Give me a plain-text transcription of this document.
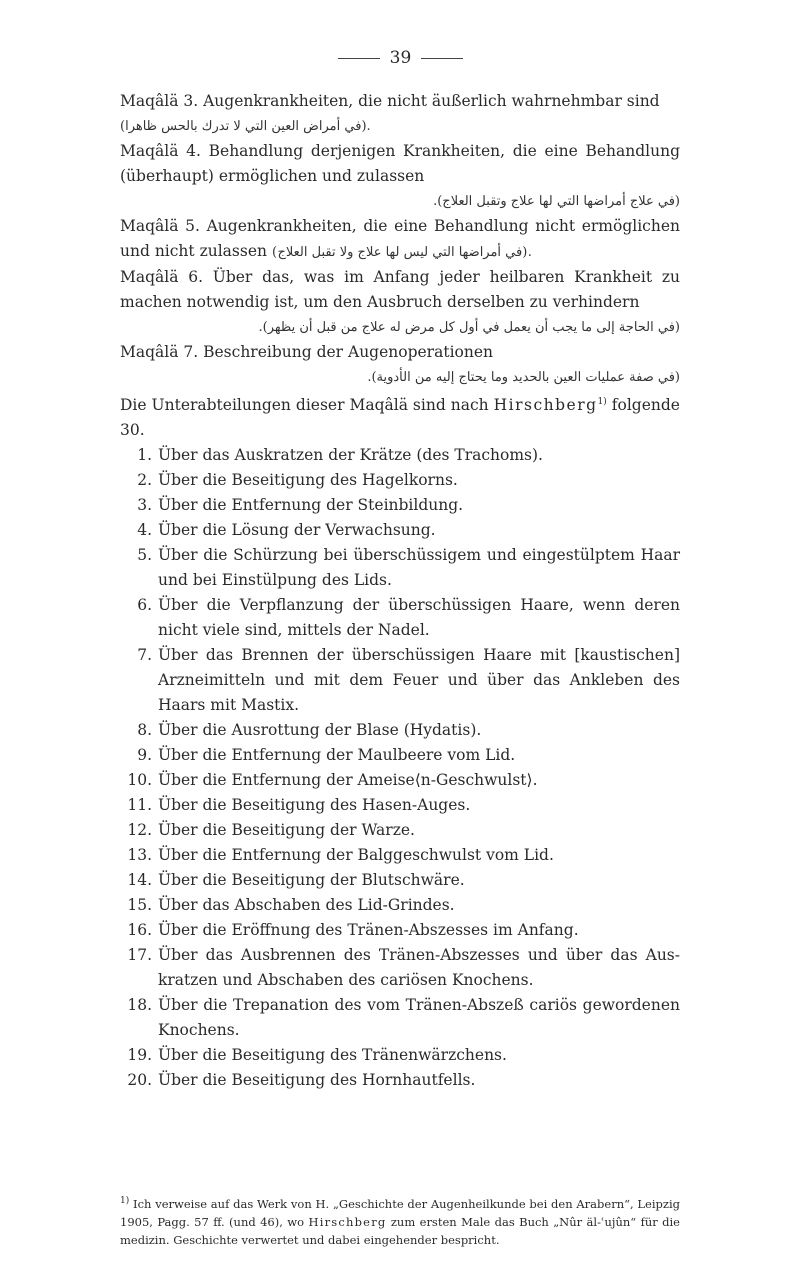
39
Maqâlä 3. Augenkrankheiten, die nicht äußerlich wahrnehmbar sind
(في أمراض العين التي لا تدرك بالحس ظاهرا).
Maqâlä 4. Behandlung derjenigen Krankheiten, die eine Behandlung (überhaupt) ermöglichen und zulassen
(في علاج أمراضها التي لها علاج وتقبل العلاج).
Maqâlä 5. Augenkrankheiten, die eine Behandlung nicht ermöglichen und nicht zulassen (في أمراضها التي ليس لها علاج ولا تقبل العلاج).
Maqâlä 6. Über das, was im Anfang jeder heilbaren Krankheit zu machen notwendig ist, um den Ausbruch derselben zu verhindern
(في الحاجة إلى ما يجب أن يعمل في أول كل مرض له علاج من قبل أن يظهر).
Maqâlä 7. Beschreibung der Augenoperationen
(في صفة عمليات العين بالحديد وما يحتاج إليه من الأدوية).
Die Unterabteilungen dieser Maqâlä sind nach Hirschberg$^{1)}$ folgende 30.
1. Über das Auskratzen der Krätze (des Trachoms).
2. Über die Beseitigung des Hagelkorns.
3. Über die Entfernung der Steinbildung.
4. Über die Lösung der Verwachsung.
5. Über die Schürzung bei überschüssigem und eingestülptem Haar und bei Einstülpung des Lids.
6. Über die Verpflanzung der überschüssigen Haare, wenn deren nicht viele sind, mittels der Nadel.
7. Über das Brennen der überschüssigen Haare mit [kaustischen] Arzneimitteln und mit dem Feuer und über das Ankleben des Haars mit Mastix.
8. Über die Ausrottung der Blase (Hydatis).
9. Über die Entfernung der Maulbeere vom Lid.
10. Über die Entfernung der Ameise⟨n-Geschwulst⟩.
11. Über die Beseitigung des Hasen-Auges.
12. Über die Beseitigung der Warze.
13. Über die Entfernung der Balggeschwulst vom Lid.
14. Über die Beseitigung der Blutschwäre.
15. Über das Abschaben des Lid-Grindes.
16. Über die Eröffnung des Tränen-Abszesses im Anfang.
17. Über das Ausbrennen des Tränen-Abszesses und über das Aus- kratzen und Abschaben des cariösen Knochens.
18. Über die Trepanation des vom Tränen-Abszeß cariös gewordenen Knochens.
19. Über die Beseitigung des Tränenwärzchens.
20. Über die Beseitigung des Hornhautfells.
$^{1)}$ Ich verweise auf das Werk von H. „Geschichte der Augenheilkunde bei den Arabern“, Leipzig 1905, Pagg. 57 ff. (und 46), wo Hirschberg zum ersten Male das Buch „Nûr äl-ʿujûn“ für die medizin. Geschichte verwertet und dabei eingehender bespricht.
